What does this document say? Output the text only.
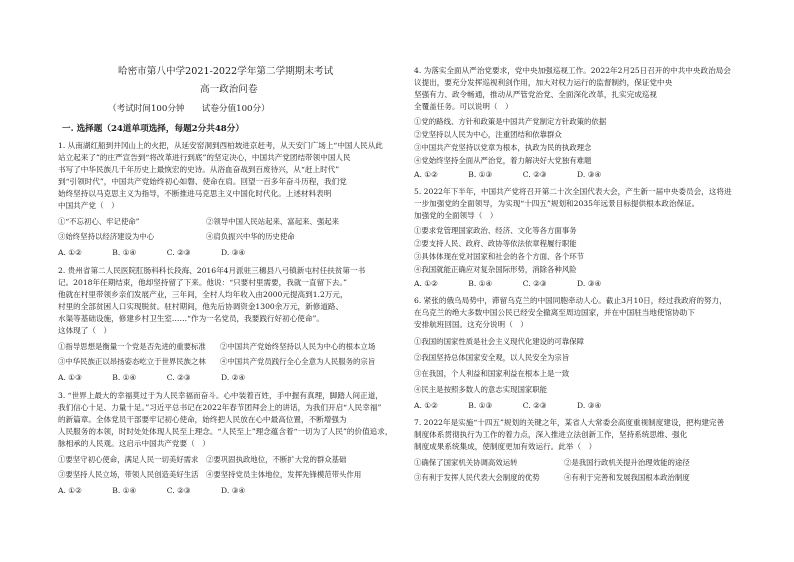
哈密市第八中学2021-2022学年第二学期期末考试
高一政治问卷
（考试时间100分钟　　试卷分值100分）
一. 选择题（24道单项选择，每题2分共48分）
1. 从南湖红船到井冈山上的火把，从延安窑洞到西柏坡进京赶考，从天安门广场上“中国人民从此
站立起来了”的庄严宣告到“将改革进行到底”的坚定决心，中国共产党团结带领中国人民
书写了中华民族几千年历史上最恢宏的史诗。从浴血奋战到百废待兴，从“赶上时代”
到“引领时代”，中国共产党始终初心如磐、使命在肩。回望一百多年奋斗历程，我们党
始终坚持以马克思主义为指导，不断推进马克思主义中国化时代化。上述材料表明
中国共产党（　）
①“不忘初心、牢记使命”	②领导中国人民站起来、富起来、强起来
③始终坚持以经济建设为中心	④肩负振兴中华的历史使命
A. ①②　　　　B. ①④　　　　C. ②③　　　　D. ③④
2. 贵州省第二人民医院肛肠科科长段海、2016年4月派驻三穗县八弓镇新屯村任扶贫第一书
记。2018年任期结束，他却坚持留了下来。他说：“只要村里需要，我就一直留下去。”
他就在村里带领乡亲们发展产业，三年间，全村人均年收入由2000元提高到1.2万元，
村里的全部贫困人口实现脱贫。驻村期间，他先后协调资金1300余万元，新修道路、
水渠等基础设施，修建乡村卫生室……“作为一名党员，我要践行好初心使命”。
这体现了（　）
①指导思想是衡量一个党是否先进的重要标准 ②中国共产党始终坚持以人民为中心的根本立场
③中华民族正以昂扬姿态屹立于世界民族之林 ④中国共产党员践行全心全意为人民服务的宗旨
A. ①③　　　　B. ①④　　　　C. ②③　　　　D. ②④
3. “世界上最大的幸福莫过于为人民幸福而奋斗。心中装着百姓，手中握有真理，脚踏人间正道，
我们信心十足、力量十足。”习近平总书记在2022年春节团拜会上的讲话，为我们开启“人民幸福”
的新篇章。全体党员干部要牢记初心使命，始终把人民放在心中最高位置，不断增强为
人民服务的本领，时时处处体现人民至上理念。“人民至上”理念蕴含着“一切为了人民”的价值追求，
脉相承的人民观。这启示中国共产党要（　）
①要坚守初心使命，满足人民一切美好需求 ②要巩固执政地位，不断扩大党的群众基础
③要坚持人民立场，带领人民创造美好生活 ④要坚持党员主体地位，发挥先锋模范带头作用
A. ①②　　　　B. ①④　　　　C. ②③　　　　D. ③④
4. 为落实全面从严治党要求，党中央加强巡视工作。2022年2月25日召开的中共中央政治局会
议提出，要充分发挥巡视利剑作用，加大对权力运行的监督制约，保证党中央
坚强有力、政令畅通，推动从严管党治党、全面深化改革，扎实完成巡视
全覆盖任务。可以说明（　）
①党的路线、方针和政策是中国共产党制定方针政策的依据
②党坚持以人民为中心，注重团结和依靠群众
③中国共产党坚持以党章为根本，执政为民的执政理念
④党始终坚持全面从严治党，着力解决好大党独有难题
A. ①②　　　　B. ①③　　　　C. ②③　　　　D. ③④
5. 2022年下半年，中国共产党将召开第二十次全国代表大会，产生新一届中央委员会，这将进
一步加强党的全面领导，为实现“十四五”规划和2035年远景目标提供根本政治保证。
加强党的全面领导（　）
①要求党管理国家政治、经济、文化等各方面事务
②要支持人民、政府、政协等依法依章程履行职能
③具体体现在党对国家和社会的各个方面、各个环节
④我国就能正确应对复杂国际形势，消除各种风险
A. ①②　　　　B. ①④　　　　C. ②③　　　　D. ③④
6. 紧张的俄乌局势中，滞留乌克兰的中国同胞牵动人心。截止3月10日，经过我政府的努力，
在乌克兰的绝大多数中国公民已经安全撤离至周边国家，并在中国驻当地使馆协助下
安排航班回国。这充分说明（　）
①我国的国家性质是社会主义现代化建设的可靠保障
②我国坚持总体国家安全观，以人民安全为宗旨
③在我国，个人利益和国家利益在根本上是一致
④民主是按照多数人的意志实现国家职能
A. ①②　　　　B. ①③　　　　C. ②③　　　　D. ③④
7. 2022年是实施“十四五”规划的关键之年，某省人大常委会高度重视制度建设，把构建完善
制度体系贯彻执行为工作的着力点，深入推进立法创新工作，坚持系统思维、强化
制度成果系统集成，使制度更加有效运行。此举（　）
①确保了国家机关协调高效运转	②是我国行政机关提升治理效能的途径
③有利于发挥人民代表大会制度的优势	④有利于完善和发展我国根本政治制度
